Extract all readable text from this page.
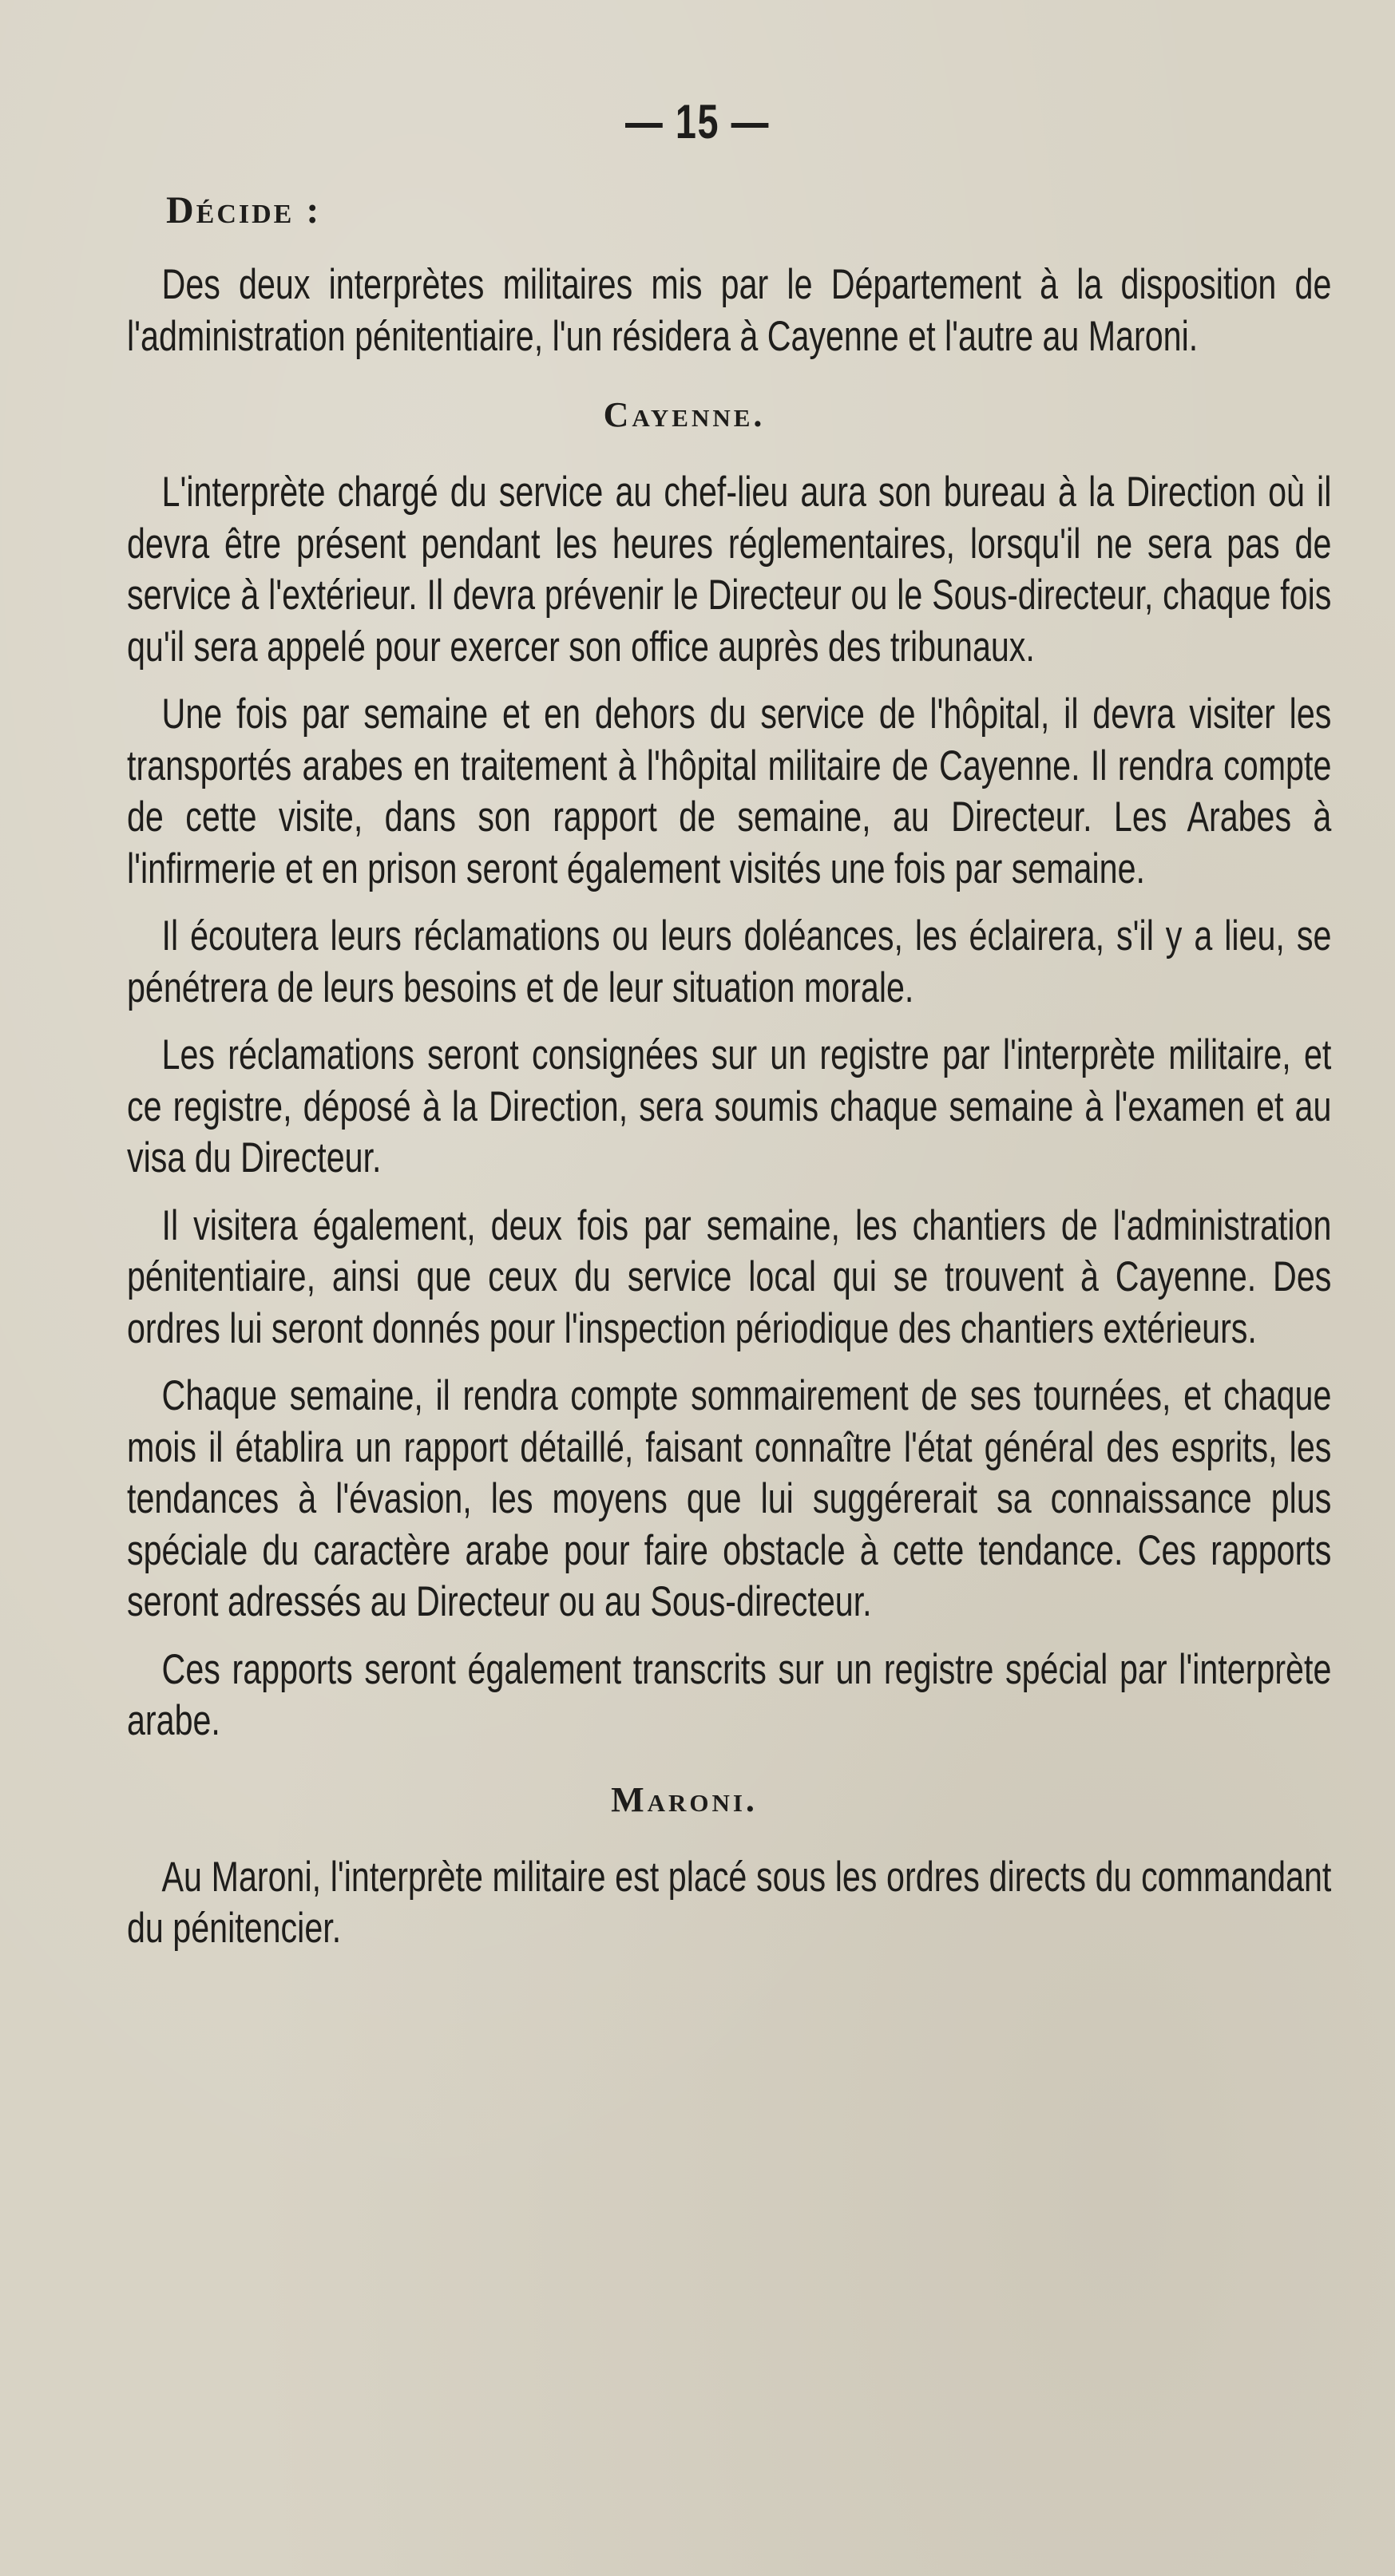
— 15 —
Décide :

Des deux interprètes militaires mis par le Département à la disposition de l'administration pénitentiaire, l'un résidera à Cayenne et l'autre au Maroni.

Cayenne.

L'interprète chargé du service au chef-lieu aura son bureau à la Direction où il devra être présent pendant les heures réglementaires, lorsqu'il ne sera pas de service à l'extérieur. Il devra prévenir le Directeur ou le Sous-directeur, chaque fois qu'il sera appelé pour exercer son office auprès des tribunaux.

Une fois par semaine et en dehors du service de l'hôpital, il devra visiter les transportés arabes en traitement à l'hôpital militaire de Cayenne. Il rendra compte de cette visite, dans son rapport de semaine, au Directeur. Les Arabes à l'infirmerie et en prison seront également visités une fois par semaine.

Il écoutera leurs réclamations ou leurs doléances, les éclairera, s'il y a lieu, se pénétrera de leurs besoins et de leur situation morale.

Les réclamations seront consignées sur un registre par l'interprète militaire, et ce registre, déposé à la Direction, sera soumis chaque semaine à l'examen et au visa du Directeur.

Il visitera également, deux fois par semaine, les chantiers de l'administration pénitentiaire, ainsi que ceux du service local qui se trouvent à Cayenne. Des ordres lui seront donnés pour l'inspection périodique des chantiers extérieurs.

Chaque semaine, il rendra compte sommairement de ses tournées, et chaque mois il établira un rapport détaillé, faisant connaître l'état général des esprits, les tendances à l'évasion, les moyens que lui suggérerait sa connaissance plus spéciale du caractère arabe pour faire obstacle à cette tendance. Ces rapports seront adressés au Directeur ou au Sous-directeur.

Ces rapports seront également transcrits sur un registre spécial par l'interprète arabe.

Maroni.

Au Maroni, l'interprète militaire est placé sous les ordres directs du commandant du pénitencier.
